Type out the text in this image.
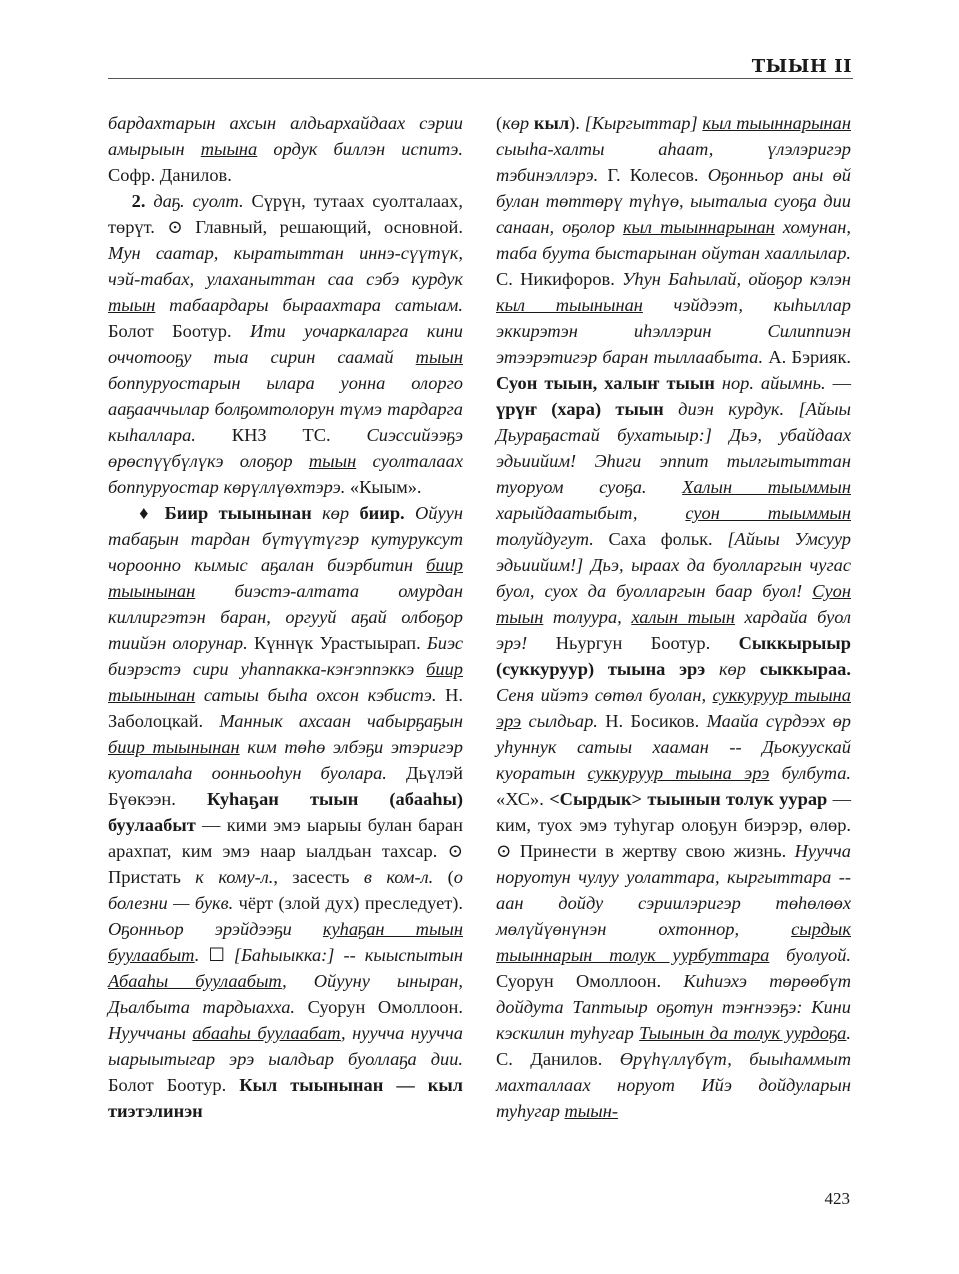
ТЫЫН II

бардахтарын ахсын алдьархайдаах сэрии амырыын тыына ордук биллэн испитэ. Софр. Данилов.

2. даҕ. суолт. Сүрүн, тутаах суолталаах, төрүт. ⊙ Главный, решающий, основной. Мун саатар, кыратыттан иннэ-сүүтүк, чэй-табах, улаханыттан саа сэбэ курдук тыын табаардары быраахтара сатыам. Болот Боотур. Ити уочаркаларга кини оччотооҕу тыа сирин саамай тыын боппуруостарын ылара уонна олорго ааҕааччылар болҕомтолорун түмэ тардарга кыһаллара. КНЗ ТС. Сиэссийээҕэ өрөспүүбүлүкэ олоҕор тыын суолталаах боппуруостар көрүллүөхтэрэ. «Кыым».

♦ Биир тыынынан көр биир. Ойуун табаҕын тардан бүтүүтүгэр кутуруксут чорооннo кымыс аҕалан биэрбитин биир тыынынан биэстэ-алтата омурдан киллиргэтэн баран, оргууй аҕай олбоҕор тиийэн олорунар. Күннүк Урастыырап. Биэс биэрэстэ сири уһаппакка-кэҥэппэккэ биир тыынынан сатыы быһа охсон кэбистэ. Н. Заболоцкай. Маннык ахсаан чабырҕаҕын биир тыынынан ким төһө элбэҕи этэригэр куоталаһа оонньооһун буолара. Дьүлэй Бүөкээн. Куһаҕан тыын (абааһы) буулаабыт — кими эмэ ыарыы булан баран арахпат, ким эмэ наар ыалдьан тахсар. ⊙ Пристать к кому-л., засесть в ком-л. (о болезни — букв. чёрт (злой дух) преследует). Оҕонньор эрэйдээҕи куһаҕан тыын буулаабыт. ☐ [Баһыыкка:] -- кыыспытын Абааһы буулаабыт, Ойууну ыныран, Дьалбыта тардыахха. Суорун Омоллоон. Нууччаны абааһы буулаабат, нуучча нуучча ыарыытыгар эрэ ыалдьар буоллаҕа дии. Болот Боотур. Кыл тыынынан — кыл тиэтэлинэн

(көр кыл). [Кыргыттар] кыл тыыннарынан сыыһа-халты аһаат, үлэлэригэр тэбинэллэрэ. Г. Колесов. Оҕонньор аны өй булан төттөрү түһүө, ыыталыа суоҕа дии санаан, оҕолор кыл тыыннарынан хомунан, таба буута быстарынан ойутан хааллылар. С. Никифоров. Уһун Баһылай, ойоҕор кэлэн кыл тыынынан чэйдээт, кыһыллар эккирэтэн иһэллэрин Силиппиэн этээрэтигэр баран тыллаабыта. А. Бэрияк. Суон тыын, халыҥ тыын нор. айымнь. — үрүҥ (хара) тыын диэн курдук. [Айыы Дьураҕастай бухатыыр:] Дьэ, убайдаах эдьиийим! Эһиги эппит тылгытыттан туоруом суоҕа. Халын тыыммын харыйдаатыбыт, суон тыыммын толуйдугут. Саха фольк. [Айыы Умсуур эдьиийим!] Дьэ, ыраах да буолларгын чугас буол, суох да буолларгын баар буол! Суон тыын толуура, халын тыын хардайа буол эрэ! Ньургун Боотур. Сыккырыыр (суккуруур) тыына эрэ көр сыккыраа. Сеня ийэтэ сөтөл буолан, суккуруур тыына эрэ сылдьар. Н. Босиков. Маайа сүрдээх өр уһуннук сатыы хааман -- Дьокуускай куоратын суккуруур тыына эрэ булбута. «ХС». <Сырдык> тыынын толук уурар — ким, туох эмэ туһугар олоҕун биэрэр, өлөр. ⊙ Принести в жертву свою жизнь. Нуучча норуотун чулуу уолаттара, кыргыттара -- аан дойду сэриилэригэр төһөлөөх мөлүйүөнүнэн охтоннор, сырдык тыыннарын толук уурбуттара буолуой. Суорун Омоллоон. Киһиэхэ төрөөбүт дойдута Таптыыр оҕотун тэҥнээҕэ: Кини кэскилин туһугар Тыынын да толук уурдоҕа. С. Данилов. Өрүһүллүбүт, быыһаммыт махталлаах норуот Ийэ дойдуларын туһугар тыын-

423
